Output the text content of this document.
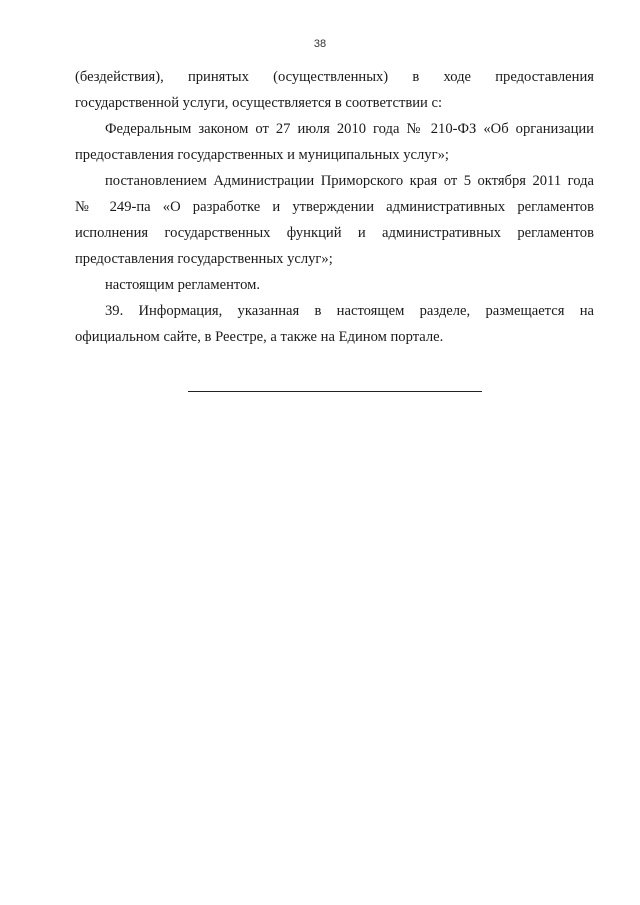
38

(бездействия), принятых (осуществленных) в ходе предоставления
государственной услуги, осуществляется в соответствии с:

Федеральным законом от 27 июля 2010 года № 210-ФЗ «Об организации
предоставления государственных и муниципальных услуг»;

постановлением Администрации Приморского края от 5 октября 2011 года
№ 249-па «О разработке и утверждении административных регламентов
исполнения государственных функций и административных регламентов
предоставления государственных услуг»;

настоящим регламентом.

39. Информация, указанная в настоящем разделе, размещается на
официальном сайте, в Реестре, а также на Едином портале.
